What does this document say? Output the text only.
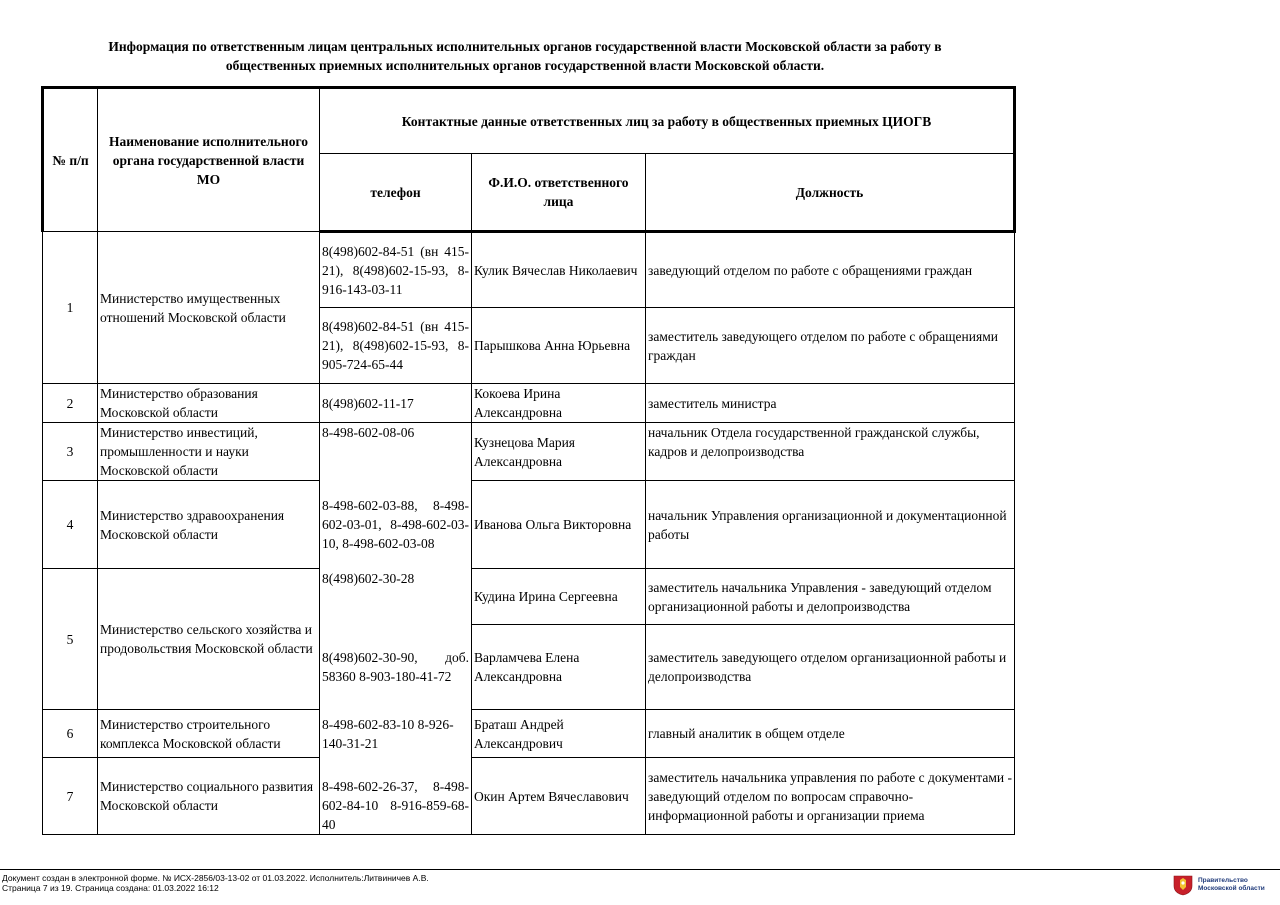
Информация по ответственным лицам центральных исполнительных органов государственной власти Московской области за работу в
общественных приемных исполнительных органов государственной власти Московской области.
№ п/п	Наименование исполнительного органа государственной власти МО	Контактные данные ответственных лиц за работу в общественных приемных ЦИОГВ		
		телефон	Ф.И.О. ответственного лица	Должность
1	Министерство имущественных отношений Московской области	8(498)602-84-51 (вн 415-21), 8(498)602-15-93, 8-916-143-03-11	Кулик Вячеслав Николаевич	заведующий отделом по работе с обращениями граждан
		8(498)602-84-51 (вн 415-21), 8(498)602-15-93, 8-905-724-65-44	Парышкова Анна Юрьевна	заместитель заведующего отделом по работе с обращениями граждан
2	Министерство образования Московской области	8(498)602-11-17	Кокоева Ирина Александровна	заместитель министра
3	Министерство инвестиций, промышленности и науки Московской области	8-498-602-08-06	Кузнецова Мария Александровна	начальник Отдела государственной гражданской службы, кадров и делопроизводства
4	Министерство здравоохранения Московской области	8-498-602-03-88, 8-498-602-03-01, 8-498-602-03-10, 8-498-602-03-08	Иванова Ольга Викторовна	начальник Управления организационной и документационной работы
5	Министерство сельского хозяйства и продовольствия Московской области	8(498)602-30-28	Кудина Ирина Сергеевна	заместитель начальника Управления - заведующий отделом организационной работы и делопроизводства
		8(498)602-30-90, доб. 58360 8-903-180-41-72	Варламчева Елена Александровна	заместитель заведующего отделом организационной работы и делопроизводства
6	Министерство строительного комплекса Московской области	8-498-602-83-10 8-926-140-31-21	Браташ Андрей Александрович	главный аналитик в общем отделе
7	Министерство социального развития Московской области	8-498-602-26-37, 8-498-602-84-10 8-916-859-68-40	Окин Артем Вячеславович	заместитель начальника управления по работе с документами - заведующий отделом по вопросам справочно-информационной работы и организации приема
Документ создан в электронной форме. № ИСХ-2856/03-13-02 от 01.03.2022. Исполнитель:Литвиничев А.В.
Страница 7 из 19. Страница создана: 01.03.2022 16:12
Правительство
Московской области
